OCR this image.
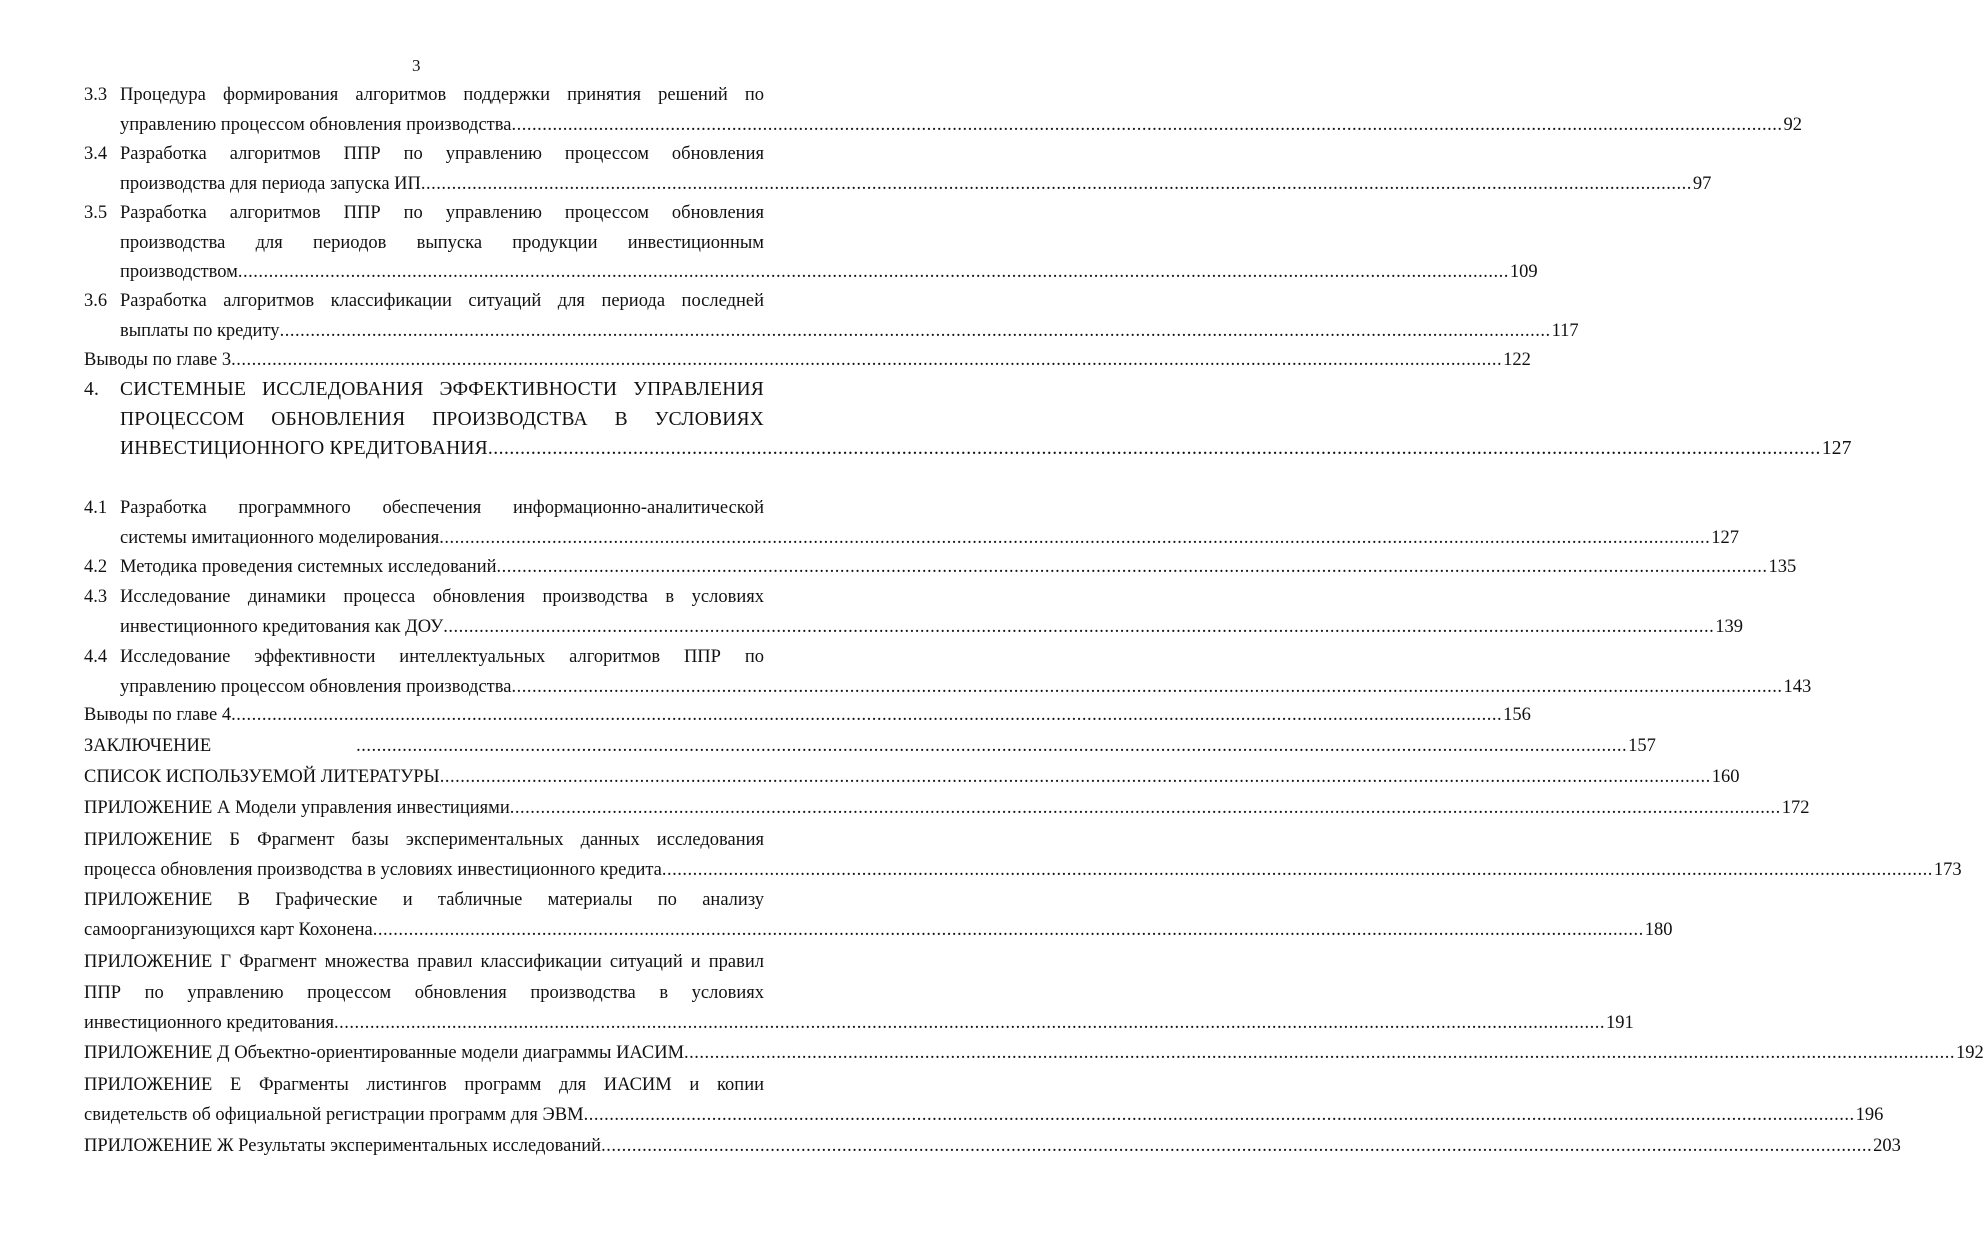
3
3.3 Процедура формирования алгоритмов поддержки принятия решений по
управлению процессом обновления производства ........................................................................................................................................................................................................................................................ 92
3.4 Разработка алгоритмов ППР по управлению процессом обновления
производства для периода запуска ИП ........................................................................................................................................................................................................................................................ 97
3.5 Разработка алгоритмов ППР по управлению процессом обновления
производства для периодов выпуска продукции инвестиционным
производством ........................................................................................................................................................................................................................................................ 109
3.6 Разработка алгоритмов классификации ситуаций для периода последней
выплаты по кредиту ........................................................................................................................................................................................................................................................ 117
Выводы по главе 3 ........................................................................................................................................................................................................................................................ 122
4. СИСТЕМНЫЕ ИССЛЕДОВАНИЯ ЭФФЕКТИВНОСТИ УПРАВЛЕНИЯ
ПРОЦЕССОМ ОБНОВЛЕНИЯ ПРОИЗВОДСТВА В УСЛОВИЯХ
ИНВЕСТИЦИОННОГО КРЕДИТОВАНИЯ ........................................................................................................................................................................................................................................................ 127
4.1 Разработка программного обеспечения информационно-аналитической
системы имитационного моделирования ........................................................................................................................................................................................................................................................ 127
4.2 Методика проведения системных исследований ........................................................................................................................................................................................................................................................ 135
4.3 Исследование динамики процесса обновления производства в условиях
инвестиционного кредитования как ДОУ ........................................................................................................................................................................................................................................................ 139
4.4 Исследование эффективности интеллектуальных алгоритмов ППР по
управлению процессом обновления производства ........................................................................................................................................................................................................................................................ 143
Выводы по главе 4 ........................................................................................................................................................................................................................................................ 156
ЗАКЛЮЧЕНИЕ	........................................................................................................................................................................................................................................................ 157
СПИСОК ИСПОЛЬЗУЕМОЙ ЛИТЕРАТУРЫ ........................................................................................................................................................................................................................................................ 160
ПРИЛОЖЕНИЕ А Модели управления инвестициями ........................................................................................................................................................................................................................................................ 172
ПРИЛОЖЕНИЕ Б Фрагмент базы экспериментальных данных исследования
процесса обновления производства в условиях инвестиционного кредита ........................................................................................................................................................................................................................................................ 173
ПРИЛОЖЕНИЕ В Графические и табличные материалы по анализу
самоорганизующихся карт Кохонена ........................................................................................................................................................................................................................................................ 180
ПРИЛОЖЕНИЕ Г Фрагмент множества правил классификации ситуаций и правил
ППР по управлению процессом обновления производства в условиях
инвестиционного кредитования ........................................................................................................................................................................................................................................................ 191
ПРИЛОЖЕНИЕ Д Объектно-ориентированные модели диаграммы ИАСИМ ........................................................................................................................................................................................................................................................ 192
ПРИЛОЖЕНИЕ Е Фрагменты листингов программ для ИАСИМ и копии
свидетельств об официальной регистрации программ для ЭВМ ........................................................................................................................................................................................................................................................ 196
ПРИЛОЖЕНИЕ Ж Результаты экспериментальных исследований ........................................................................................................................................................................................................................................................ 203
